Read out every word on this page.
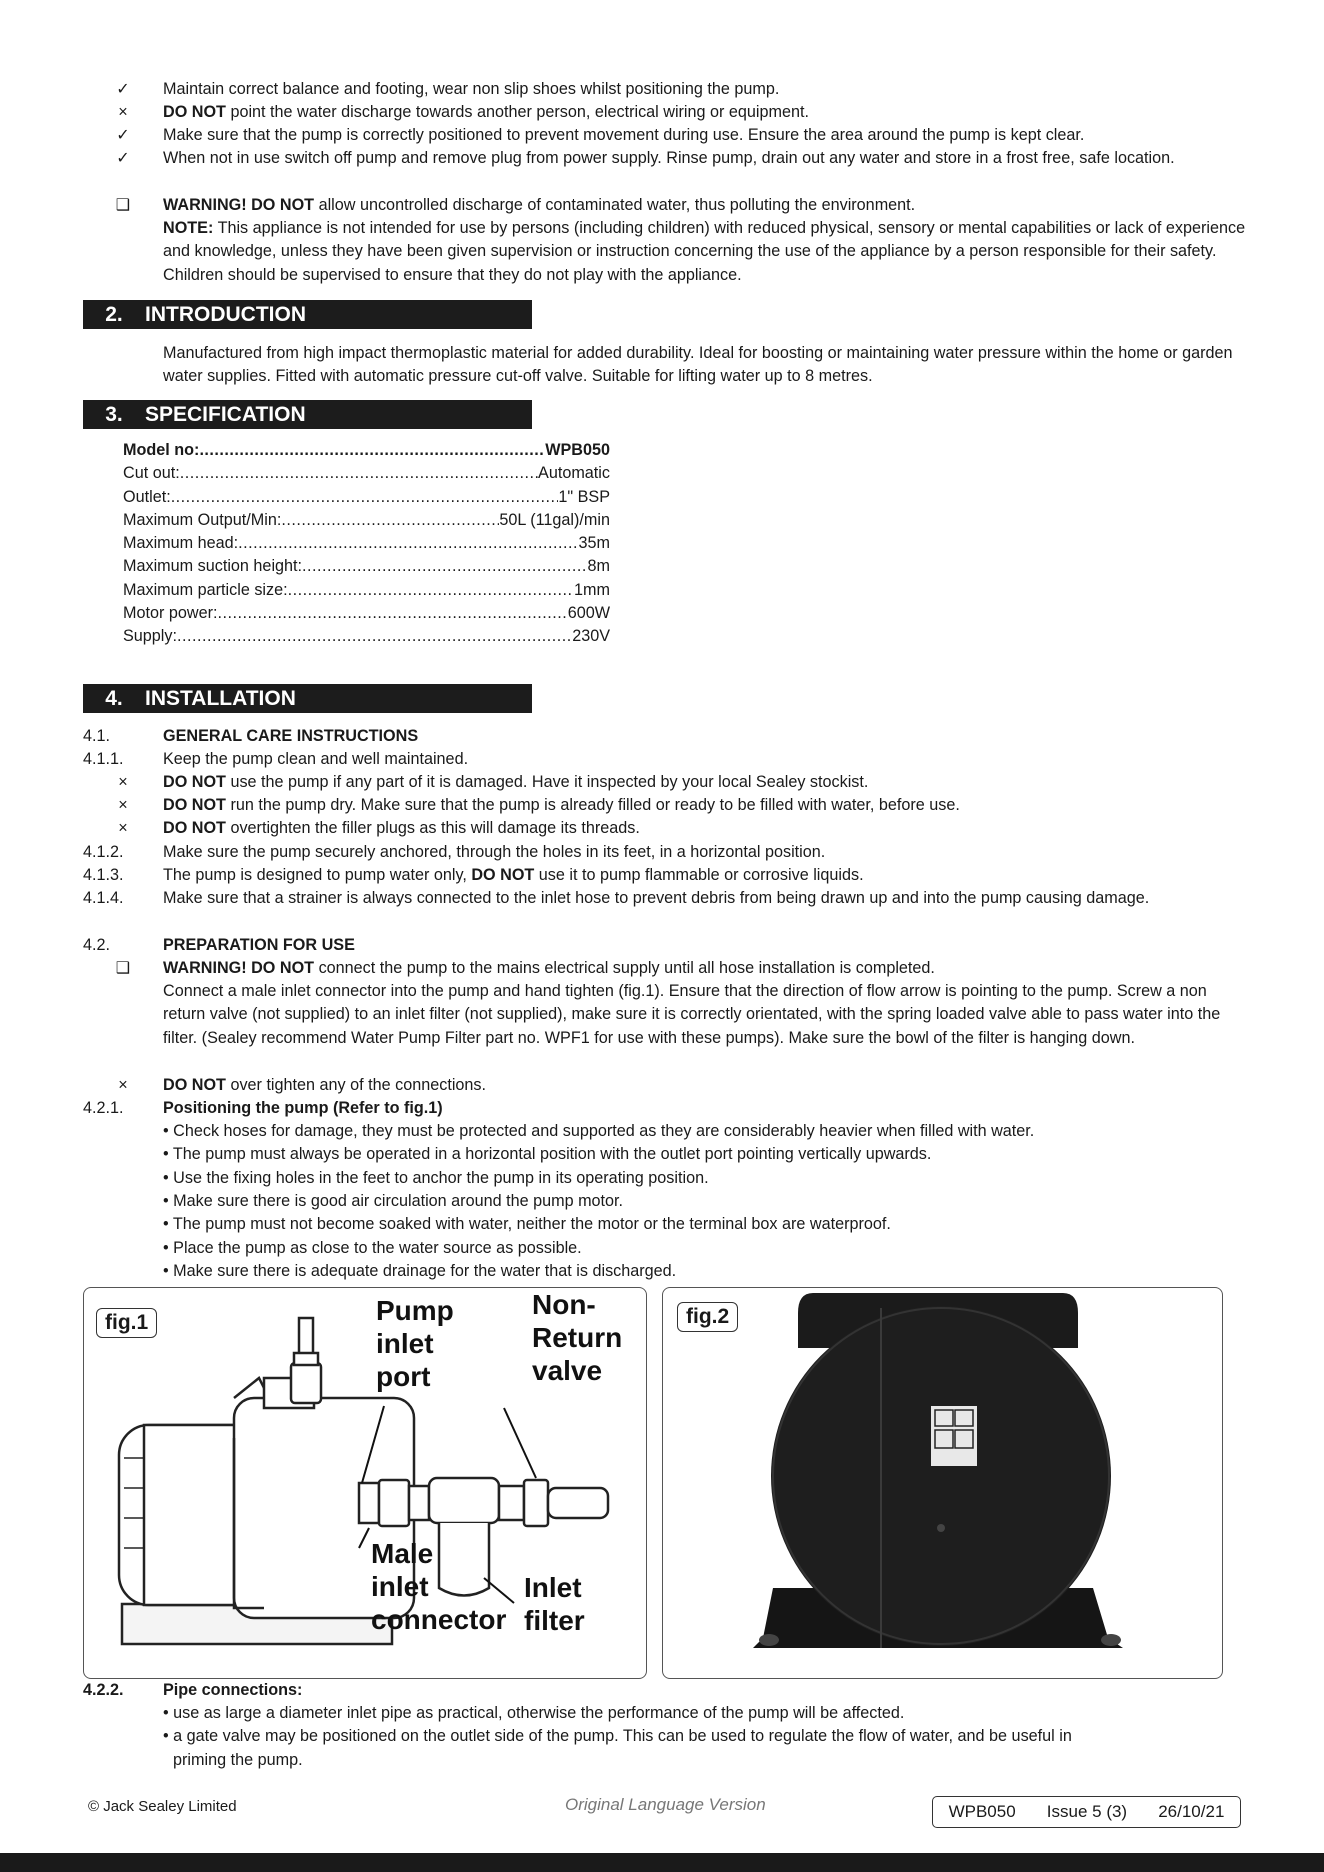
✓	Maintain correct balance and footing, wear non slip shoes whilst positioning the pump.
×	DO NOT point the water discharge towards another person, electrical wiring or equipment.
✓	Make sure that the pump is correctly positioned to prevent movement during use. Ensure the area around the pump is kept clear.
✓	When not in use switch off pump and remove plug from power supply. Rinse pump, drain out any water and store in a frost free, safe location.
❑	WARNING! DO NOT allow uncontrolled discharge of contaminated water, thus polluting the environment.
NOTE: This appliance is not intended for use by persons (including children) with reduced physical, sensory or mental capabilities or lack of experience and knowledge, unless they have been given supervision or instruction concerning the use of the appliance by a person responsible for their safety. Children should be supervised to ensure that they do not play with the appliance.
2. INTRODUCTION
Manufactured from high impact thermoplastic material for added durability. Ideal for boosting or maintaining water pressure within the home or garden water supplies. Fitted with automatic pressure cut-off valve. Suitable for lifting water up to 8 metres.
3. SPECIFICATION
Model no: .....	WPB050
Cut out: .....	Automatic
Outlet: .....	1" BSP
Maximum Output/Min: .....	50L (11gal)/min
Maximum head: .....	35m
Maximum suction height: .....	8m
Maximum particle size: .....	1mm
Motor power: .....	600W
Supply: .....	230V
4. INSTALLATION
4.1.	GENERAL CARE INSTRUCTIONS
4.1.1.	Keep the pump clean and well maintained.
×	DO NOT use the pump if any part of it is damaged. Have it inspected by your local Sealey stockist.
×	DO NOT run the pump dry. Make sure that the pump is already filled or ready to be filled with water, before use.
×	DO NOT overtighten the filler plugs as this will damage its threads.
4.1.2.	Make sure the pump securely anchored, through the holes in its feet, in a horizontal position.
4.1.3.	The pump is designed to pump water only, DO NOT use it to pump flammable or corrosive liquids.
4.1.4.	Make sure that a strainer is always connected to the inlet hose to prevent debris from being drawn up and into the pump causing damage.
4.2.	PREPARATION FOR USE
❑	WARNING! DO NOT connect the pump to the mains electrical supply until all hose installation is completed.
Connect a male inlet connector into the pump and hand tighten (fig.1). Ensure that the direction of flow arrow is pointing to the pump. Screw a non return valve (not supplied) to an inlet filter (not supplied), make sure it is correctly orientated, with the spring loaded valve able to pass water into the filter. (Sealey recommend Water Pump Filter part no. WPF1 for use with these pumps). Make sure the bowl of the filter is hanging down.
×	DO NOT over tighten any of the connections.
4.2.1.	Positioning the pump (Refer to fig.1)
• Check hoses for damage, they must be protected and supported as they are considerably heavier when filled with water.
• The pump must always be operated in a horizontal position with the outlet port pointing vertically upwards.
• Use the fixing holes in the feet to anchor the pump in its operating position.
• Make sure there is good air circulation around the pump motor.
• The pump must not become soaked with water, neither the motor or the terminal box are waterproof.
• Place the pump as close to the water source as possible.
• Make sure there is adequate drainage for the water that is discharged.
fig.1	Pump
inlet
port
Non-
Return
valve
Male
inlet
connector
Inlet
filter
fig.2
4.2.2.	Pipe connections:
• use as large a diameter inlet pipe as practical, otherwise the performance of the pump will be affected.
• a gate valve may be positioned on the outlet side of the pump. This can be used to regulate the flow of water, and be useful in
priming the pump.
© Jack Sealey Limited	Original Language Version	WPB050 Issue 5 (3) 26/10/21
